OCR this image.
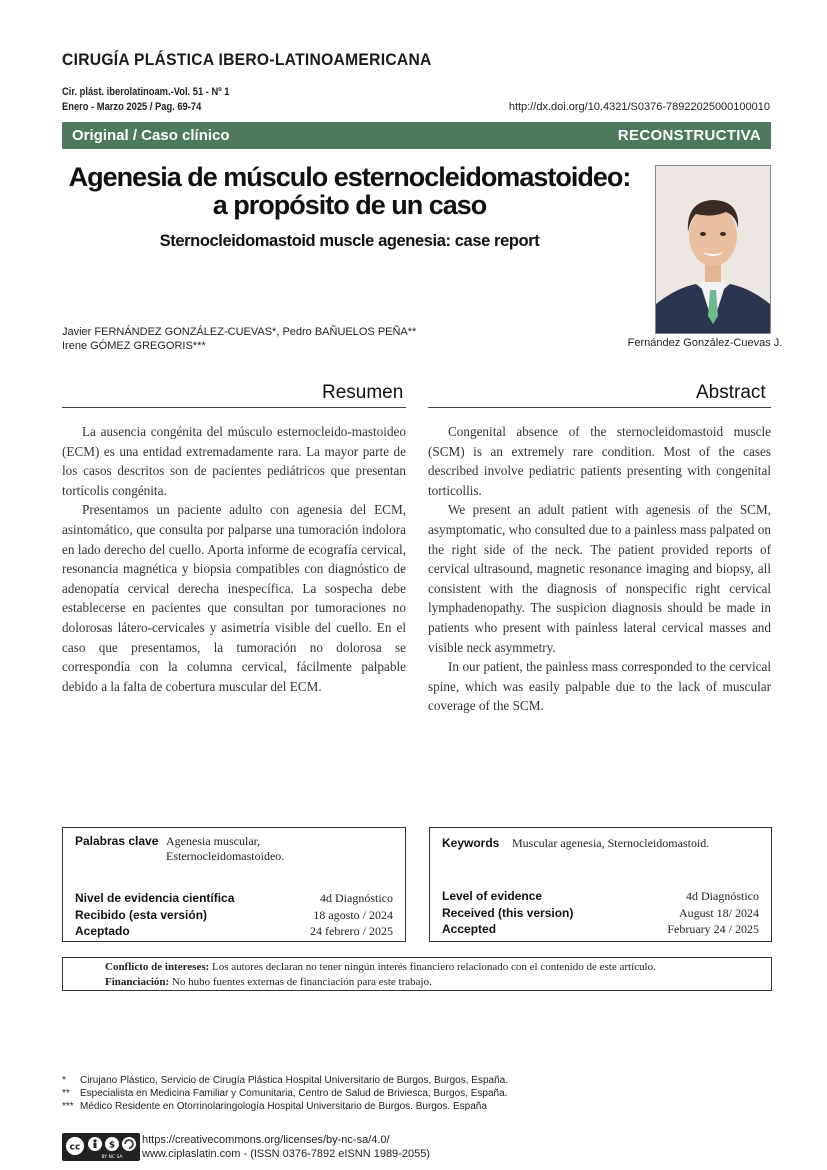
CIRUGÍA PLÁSTICA IBERO-LATINOAMERICANA
Cir. plást. iberolatinoam.-Vol. 51 - Nº 1
Enero - Marzo 2025 / Pag. 69-74	http://dx.doi.org/10.4321/S0376-78922025000100010
Original / Caso clínico	RECONSTRUCTIVA
Agenesia de músculo esternocleidomastoideo:
a propósito de un caso
Sternocleidomastoid muscle agenesia: case report
Fernández González-Cuevas J.
Javier FERNÁNDEZ GONZÁLEZ-CUEVAS*, Pedro BAÑUELOS PEÑA**
Irene GÓMEZ GREGORIS***
Resumen

La ausencia congénita del músculo esternocleido-mastoideo (ECM) es una entidad extremadamente rara. La mayor parte de los casos descritos son de pacientes pediátricos que presentan tortícolis congénita.

Presentamos un paciente adulto con agenesia del ECM, asintomático, que consulta por palparse una tumoración indolora en lado derecho del cuello. Aporta informe de ecografía cervical, resonancia magnética y biopsia compatibles con diagnóstico de adenopatía cervical derecha inespecífica. La sospecha debe establecerse en pacientes que consultan por tumoraciones no dolorosas látero-cervicales y asimetría visible del cuello. En el caso que presentamos, la tumoración no dolorosa se correspondía con la columna cervical, fácilmente palpable debido a la falta de cobertura muscular del ECM.

Abstract

Congenital absence of the sternocleidomastoid muscle (SCM) is an extremely rare condition. Most of the cases described involve pediatric patients presenting with congenital torticollis.

We present an adult patient with agenesis of the SCM, asymptomatic, who consulted due to a painless mass palpated on the right side of the neck. The patient provided reports of cervical ultrasound, magnetic resonance imaging and biopsy, all consistent with the diagnosis of nonspecific right cervical lymphadenopathy. The suspicion diagnosis should be made in patients who present with painless lateral cervical masses and visible neck asymmetry.

In our patient, the painless mass corresponded to the cervical spine, which was easily palpable due to the lack of muscular coverage of the SCM.

Palabras clave Agenesia muscular,
Esternocleidomastoideo.
Nivel de evidencia científica	4d Diagnóstico
Recibido (esta versión)	18 agosto / 2024
Aceptado	24 febrero / 2025
Keywords Muscular agenesia, Sternocleidomastoid.
Level of evidence	4d Diagnóstico
Received (this version)	August 18/ 2024
Accepted	February 24 / 2025
Conflicto de intereses: Los autores declaran no tener ningún interés financiero relacionado con el contenido de este artículo.
Financiación: No hubo fuentes externas de financiación para este trabajo.
*	Cirujano Plástico, Servicio de Cirugía Plástica Hospital Universitario de Burgos, Burgos, España.
**	Especialista en Medicina Familiar y Comunitaria, Centro de Salud de Briviesca, Burgos, España.
*** Médico Residente en Otorrinolaringología Hospital Universitario de Burgos. Burgos. España
cc	$
BY NC SA
https://creativecommons.org/licenses/by-nc-sa/4.0/
www.ciplaslatin.com - (ISSN 0376-7892 eISNN 1989-2055)
